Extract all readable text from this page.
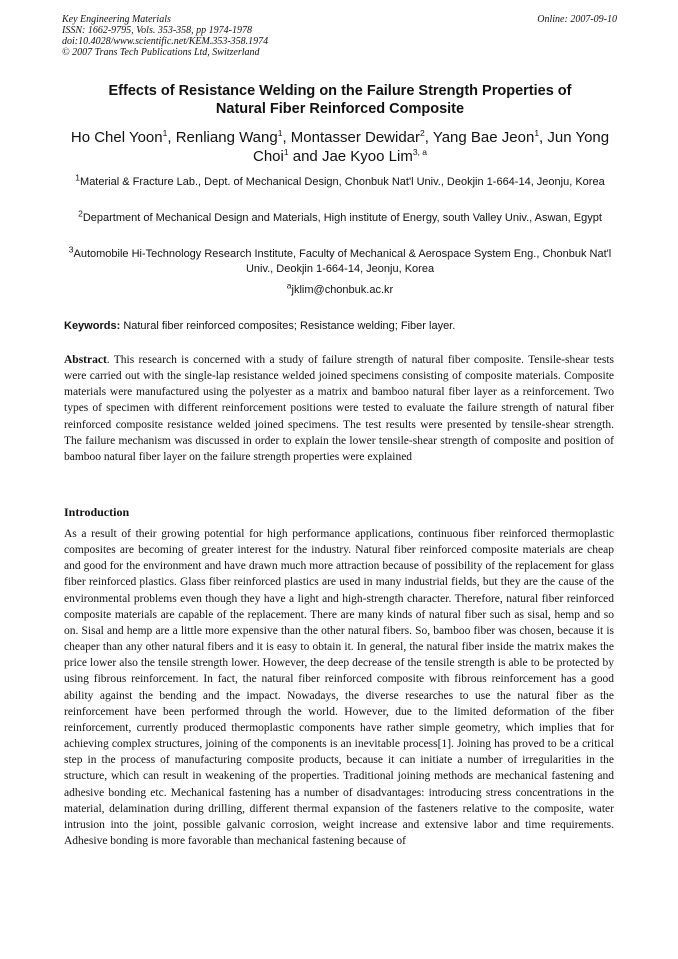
Key Engineering Materials
ISSN: 1662-9795, Vols. 353-358, pp 1974-1978
doi:10.4028/www.scientific.net/KEM.353-358.1974
© 2007 Trans Tech Publications Ltd, Switzerland
Online: 2007-09-10
Effects of Resistance Welding on the Failure Strength Properties of
Natural Fiber Reinforced Composite
Ho Chel Yoon$^1$, Renliang Wang$^1$, Montasser Dewidar$^2$, Yang Bae Jeon$^1$, Jun Yong Choi$^1$ and Jae Kyoo Lim$^{3, a}$
$^1$Material & Fracture Lab., Dept. of Mechanical Design, Chonbuk Nat'l Univ., Deokjin 1-664-14, Jeonju, Korea
$^2$Department of Mechanical Design and Materials, High institute of Energy, south Valley Univ., Aswan, Egypt
$^3$Automobile Hi-Technology Research Institute, Faculty of Mechanical & Aerospace System Eng., Chonbuk Nat'l Univ., Deokjin 1-664-14, Jeonju, Korea
$^a$jklim@chonbuk.ac.kr
Keywords: Natural fiber reinforced composites; Resistance welding; Fiber layer.
Abstract. This research is concerned with a study of failure strength of natural fiber composite. Tensile-shear tests were carried out with the single-lap resistance welded joined specimens consisting of composite materials. Composite materials were manufactured using the polyester as a matrix and bamboo natural fiber layer as a reinforcement. Two types of specimen with different reinforcement positions were tested to evaluate the failure strength of natural fiber reinforced composite resistance welded joined specimens. The test results were presented by tensile-shear strength. The failure mechanism was discussed in order to explain the lower tensile-shear strength of composite and position of bamboo natural fiber layer on the failure strength properties were explained
Introduction
As a result of their growing potential for high performance applications, continuous fiber reinforced thermoplastic composites are becoming of greater interest for the industry. Natural fiber reinforced composite materials are cheap and good for the environment and have drawn much more attraction because of possibility of the replacement for glass fiber reinforced plastics. Glass fiber reinforced plastics are used in many industrial fields, but they are the cause of the environmental problems even though they have a light and high-strength character. Therefore, natural fiber reinforced composite materials are capable of the replacement. There are many kinds of natural fiber such as sisal, hemp and so on. Sisal and hemp are a little more expensive than the other natural fibers. So, bamboo fiber was chosen, because it is cheaper than any other natural fibers and it is easy to obtain it. In general, the natural fiber inside the matrix makes the price lower also the tensile strength lower. However, the deep decrease of the tensile strength is able to be protected by using fibrous reinforcement. In fact, the natural fiber reinforced composite with fibrous reinforcement has a good ability against the bending and the impact. Nowadays, the diverse researches to use the natural fiber as the reinforcement have been performed through the world. However, due to the limited deformation of the fiber reinforcement, currently produced thermoplastic components have rather simple geometry, which implies that for achieving complex structures, joining of the components is an inevitable process[1]. Joining has proved to be a critical step in the process of manufacturing composite products, because it can initiate a number of irregularities in the structure, which can result in weakening of the properties. Traditional joining methods are mechanical fastening and adhesive bonding etc. Mechanical fastening has a number of disadvantages: introducing stress concentrations in the material, delamination during drilling, different thermal expansion of the fasteners relative to the composite, water intrusion into the joint, possible galvanic corrosion, weight increase and extensive labor and time requirements. Adhesive bonding is more favorable than mechanical fastening because of
